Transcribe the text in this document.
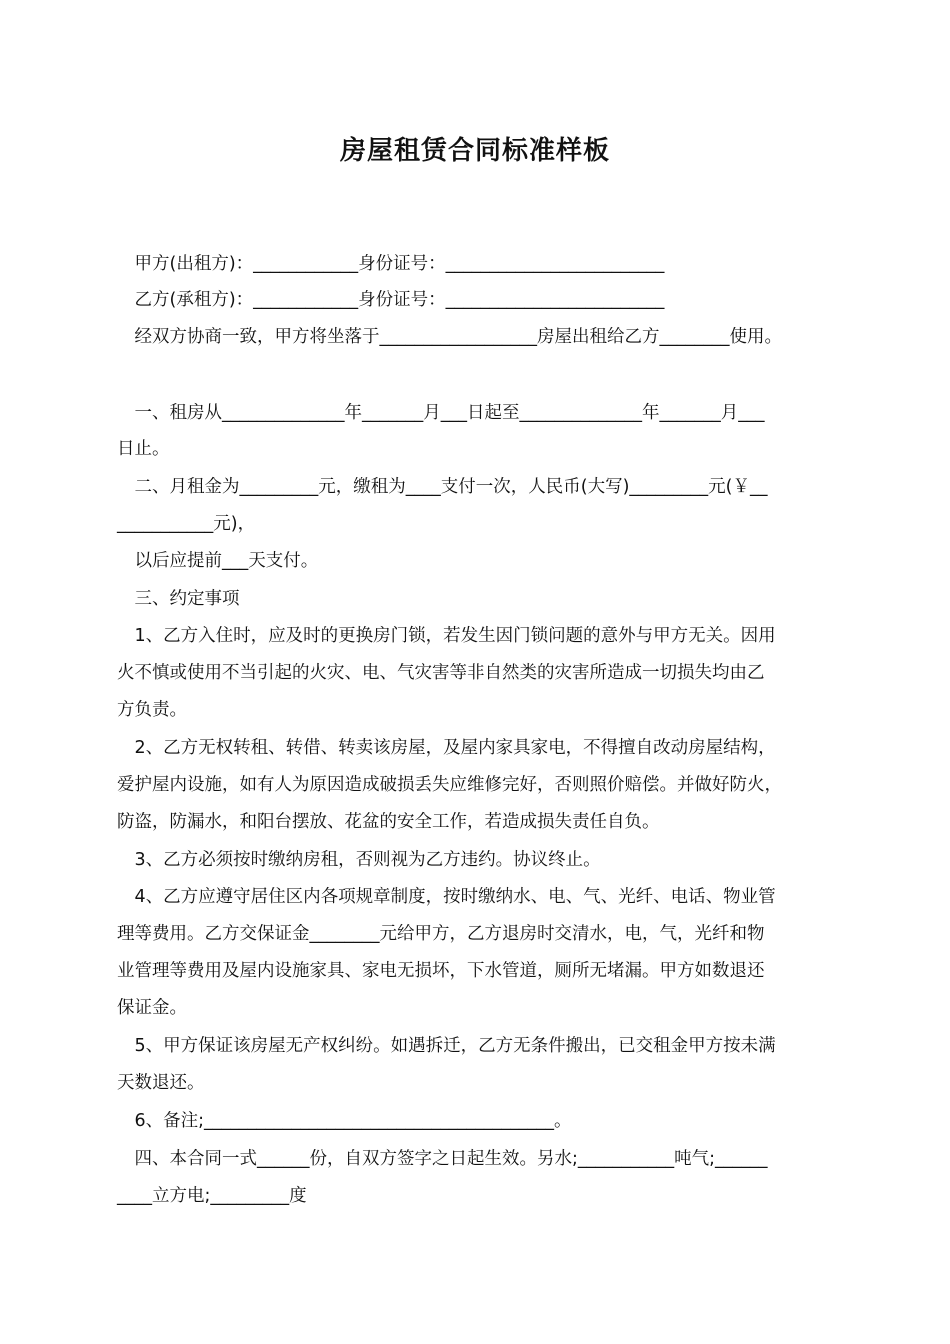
房屋租赁合同标准样板
　甲方(出租方)：____________身份证号：_________________________
　乙方(承租方)：____________身份证号：_________________________
　经双方协商一致，甲方将坐落于__________________房屋出租给乙方________使用。
　一、租房从______________年_______月___日起至______________年_______月___
日止。
　二、月租金为_________元，缴租为____支付一次，人民币(大写)_________元(￥__
___________元)，
　以后应提前___天支付。
　三、约定事项
　1、乙方入住时，应及时的更换房门锁，若发生因门锁问题的意外与甲方无关。因用
火不慎或使用不当引起的火灾、电、气灾害等非自然类的灾害所造成一切损失均由乙
方负责。
　2、乙方无权转租、转借、转卖该房屋，及屋内家具家电，不得擅自改动房屋结构，
爱护屋内设施，如有人为原因造成破损丢失应维修完好，否则照价赔偿。并做好防火，
防盗，防漏水，和阳台摆放、花盆的安全工作，若造成损失责任自负。
　3、乙方必须按时缴纳房租，否则视为乙方违约。协议终止。
　4、乙方应遵守居住区内各项规章制度，按时缴纳水、电、气、光纤、电话、物业管
理等费用。乙方交保证金________元给甲方，乙方退房时交清水，电，气，光纤和物
业管理等费用及屋内设施家具、家电无损坏，下水管道，厕所无堵漏。甲方如数退还
保证金。
　5、甲方保证该房屋无产权纠纷。如遇拆迁，乙方无条件搬出，已交租金甲方按未满
天数退还。
　6、备注;________________________________________。
　四、本合同一式______份，自双方签字之日起生效。另水;___________吨气;______
____立方电;_________度
